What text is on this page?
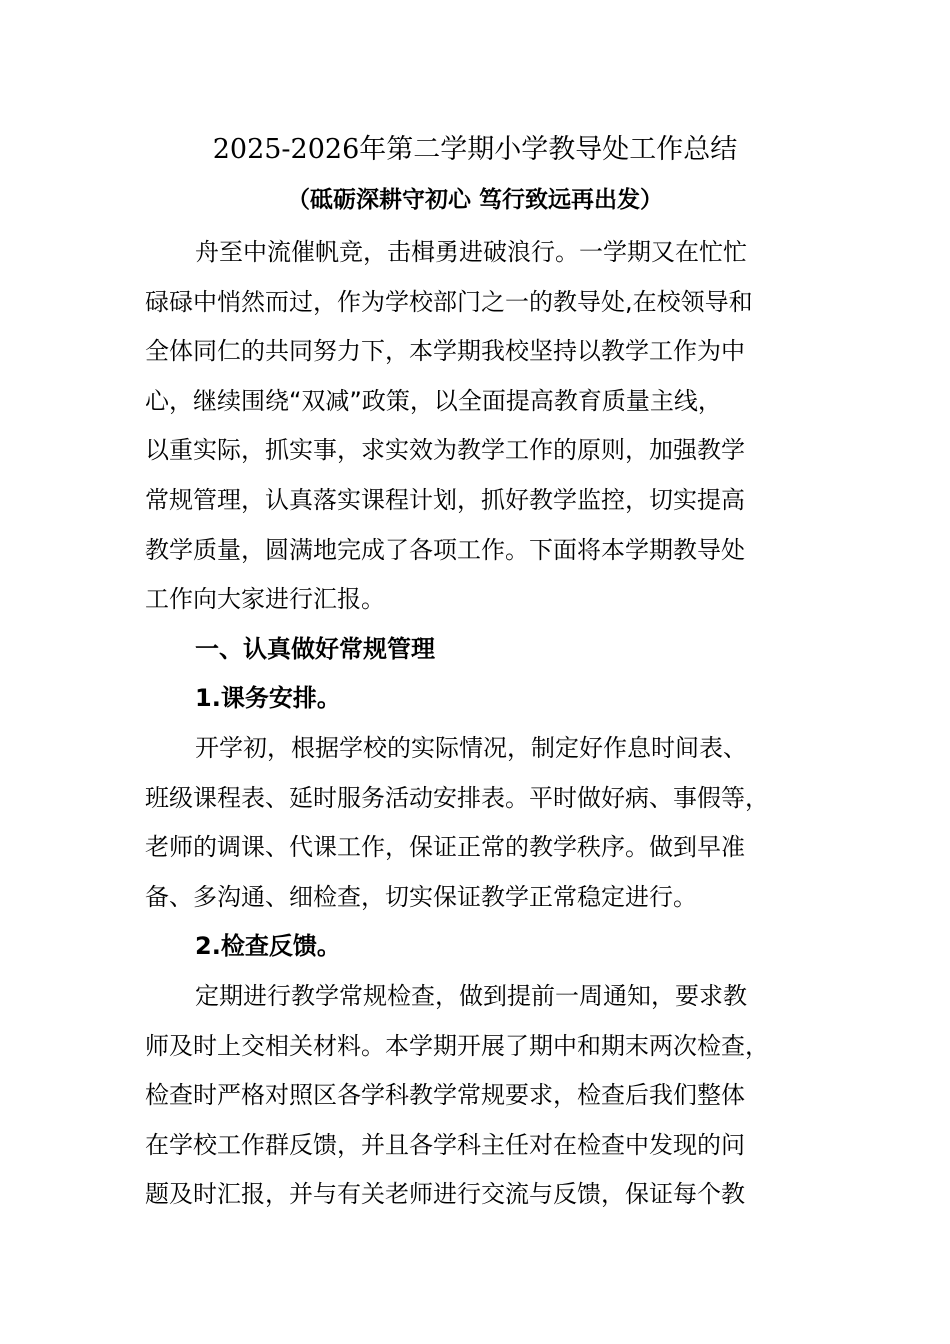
2025-2026年第二学期小学教导处工作总结
（砥砺深耕守初心 笃行致远再出发）
舟至中流催帆竞，击楫勇进破浪行。一学期又在忙忙
碌碌中悄然而过，作为学校部门之一的教导处,在校领导和
全体同仁的共同努力下，本学期我校坚持以教学工作为中
心，继续围绕“双减”政策，以全面提高教育质量主线，
以重实际，抓实事，求实效为教学工作的原则，加强教学
常规管理，认真落实课程计划，抓好教学监控，切实提高
教学质量，圆满地完成了各项工作。下面将本学期教导处
工作向大家进行汇报。
一、认真做好常规管理
1.课务安排。
开学初，根据学校的实际情况，制定好作息时间表、
班级课程表、延时服务活动安排表。平时做好病、事假等，
老师的调课、代课工作，保证正常的教学秩序。做到早准
备、多沟通、细检查，切实保证教学正常稳定进行。
2.检查反馈。
定期进行教学常规检查，做到提前一周通知，要求教
师及时上交相关材料。本学期开展了期中和期末两次检查，
检查时严格对照区各学科教学常规要求，检查后我们整体
在学校工作群反馈，并且各学科主任对在检查中发现的问
题及时汇报，并与有关老师进行交流与反馈，保证每个教
